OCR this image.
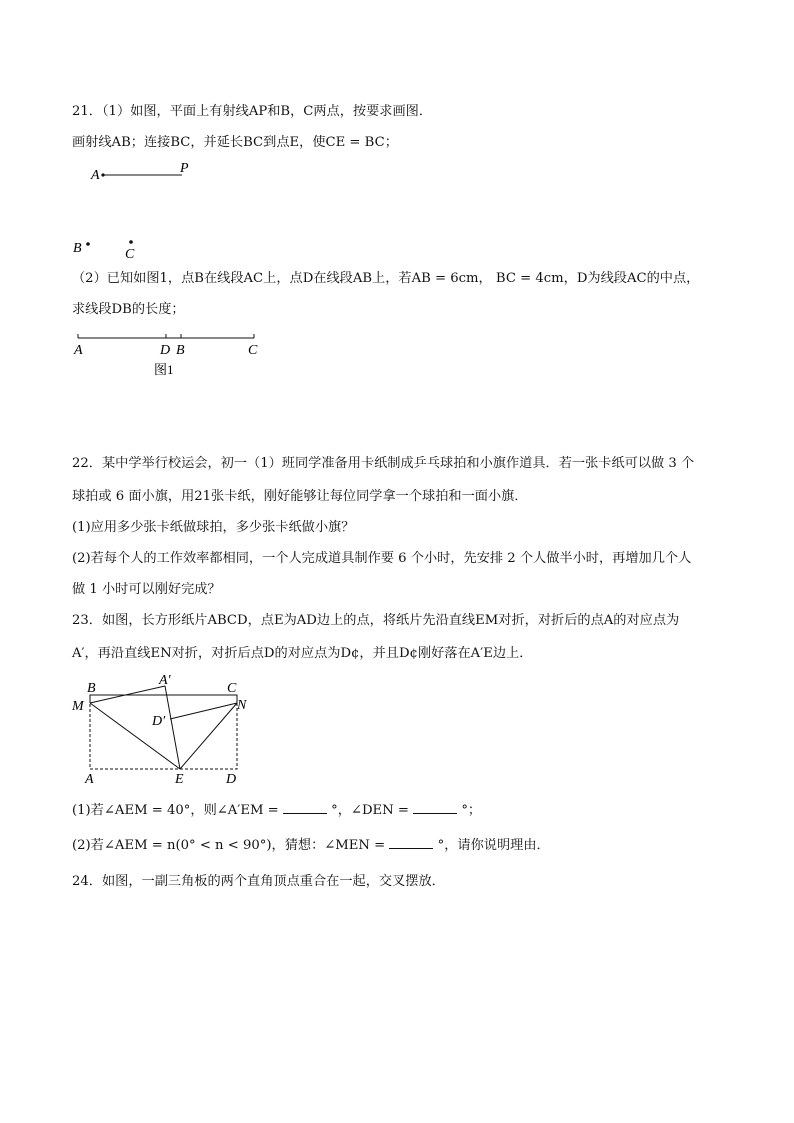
21．（1）如图，平面上有射线AP和B，C两点，按要求画图．
画射线AB；连接BC，并延长BC到点E，使CE = BC；
A	P
B	C
（2）已知如图1，点B在线段AC上，点D在线段AB上，若AB = 6cm， BC = 4cm，D为线段AC的中点，
求线段DB的长度；
A	D B	C
图1
22．某中学举行校运会，初一（1）班同学准备用卡纸制成乒乓球拍和小旗作道具．若一张卡纸可以做 3 个
球拍或 6 面小旗，用21张卡纸，刚好能够让每位同学拿一个球拍和一面小旗．
(1)应用多少张卡纸做球拍，多少张卡纸做小旗？
(2)若每个人的工作效率都相同，一个人完成道具制作要 6 个小时，先安排 2 个人做半小时，再增加几个人
做 1 小时可以刚好完成？
23．如图，长方形纸片ABCD，点E为AD边上的点，将纸片先沿直线EM对折，对折后的点A的对应点为
A′，再沿直线EN对折，对折后点D的对应点为D¢，并且D¢刚好落在A′E边上．
B
A′
C
M	N
D′
A	E	D
(1)若∠AEM = 40°，则∠A′EM =	°，∠DEN =	°；
(2)若∠AEM = n(0° < n < 90°)，猜想：∠MEN =	°，请你说明理由．
24．如图，一副三角板的两个直角顶点重合在一起，交叉摆放．
